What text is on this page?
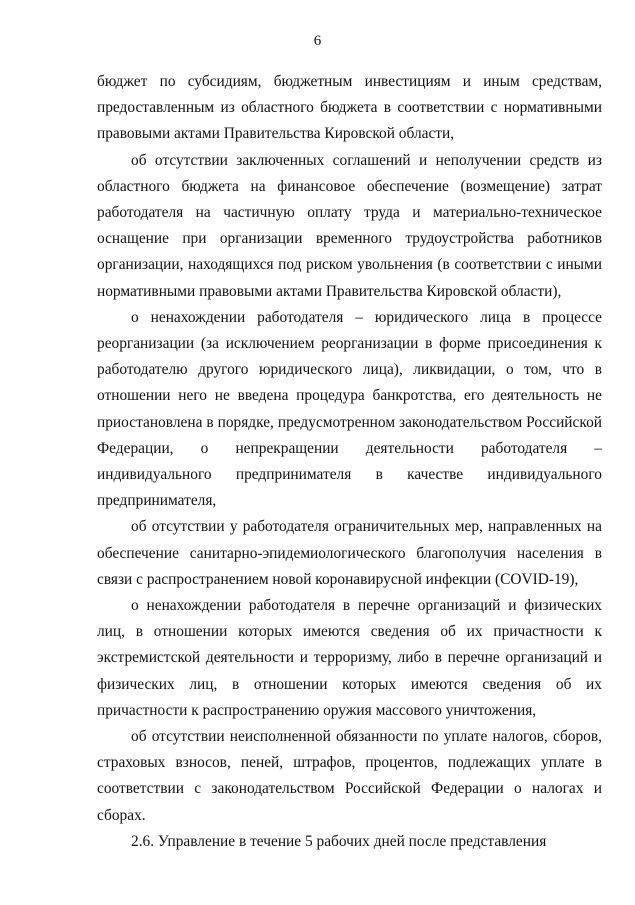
6

бюджет по субсидиям, бюджетным инвестициям и иным средствам, предоставленным из областного бюджета в соответствии с нормативными правовыми актами Правительства Кировской области,

об отсутствии заключенных соглашений и неполучении средств из областного бюджета на финансовое обеспечение (возмещение) затрат работодателя на частичную оплату труда и материально-техническое оснащение при организации временного трудоустройства работников организации, находящихся под риском увольнения (в соответствии с иными нормативными правовыми актами Правительства Кировской области),

о ненахождении работодателя – юридического лица в процессе реорганизации (за исключением реорганизации в форме присоединения к работодателю другого юридического лица), ликвидации, о том, что в отношении него не введена процедура банкротства, его деятельность не приостановлена в порядке, предусмотренном законодательством Российской Федерации, о непрекращении деятельности работодателя – индивидуального предпринимателя в качестве индивидуального предпринимателя,

об отсутствии у работодателя ограничительных мер, направленных на обеспечение санитарно-эпидемиологического благополучия населения в связи с распространением новой коронавирусной инфекции (COVID-19),

о ненахождении работодателя в перечне организаций и физических лиц, в отношении которых имеются сведения об их причастности к экстремистской деятельности и терроризму, либо в перечне организаций и физических лиц, в отношении которых имеются сведения об их причастности к распространению оружия массового уничтожения,

об отсутствии неисполненной обязанности по уплате налогов, сборов, страховых взносов, пеней, штрафов, процентов, подлежащих уплате в соответствии с законодательством Российской Федерации о налогах и сборах.

2.6. Управление в течение 5 рабочих дней после представления
